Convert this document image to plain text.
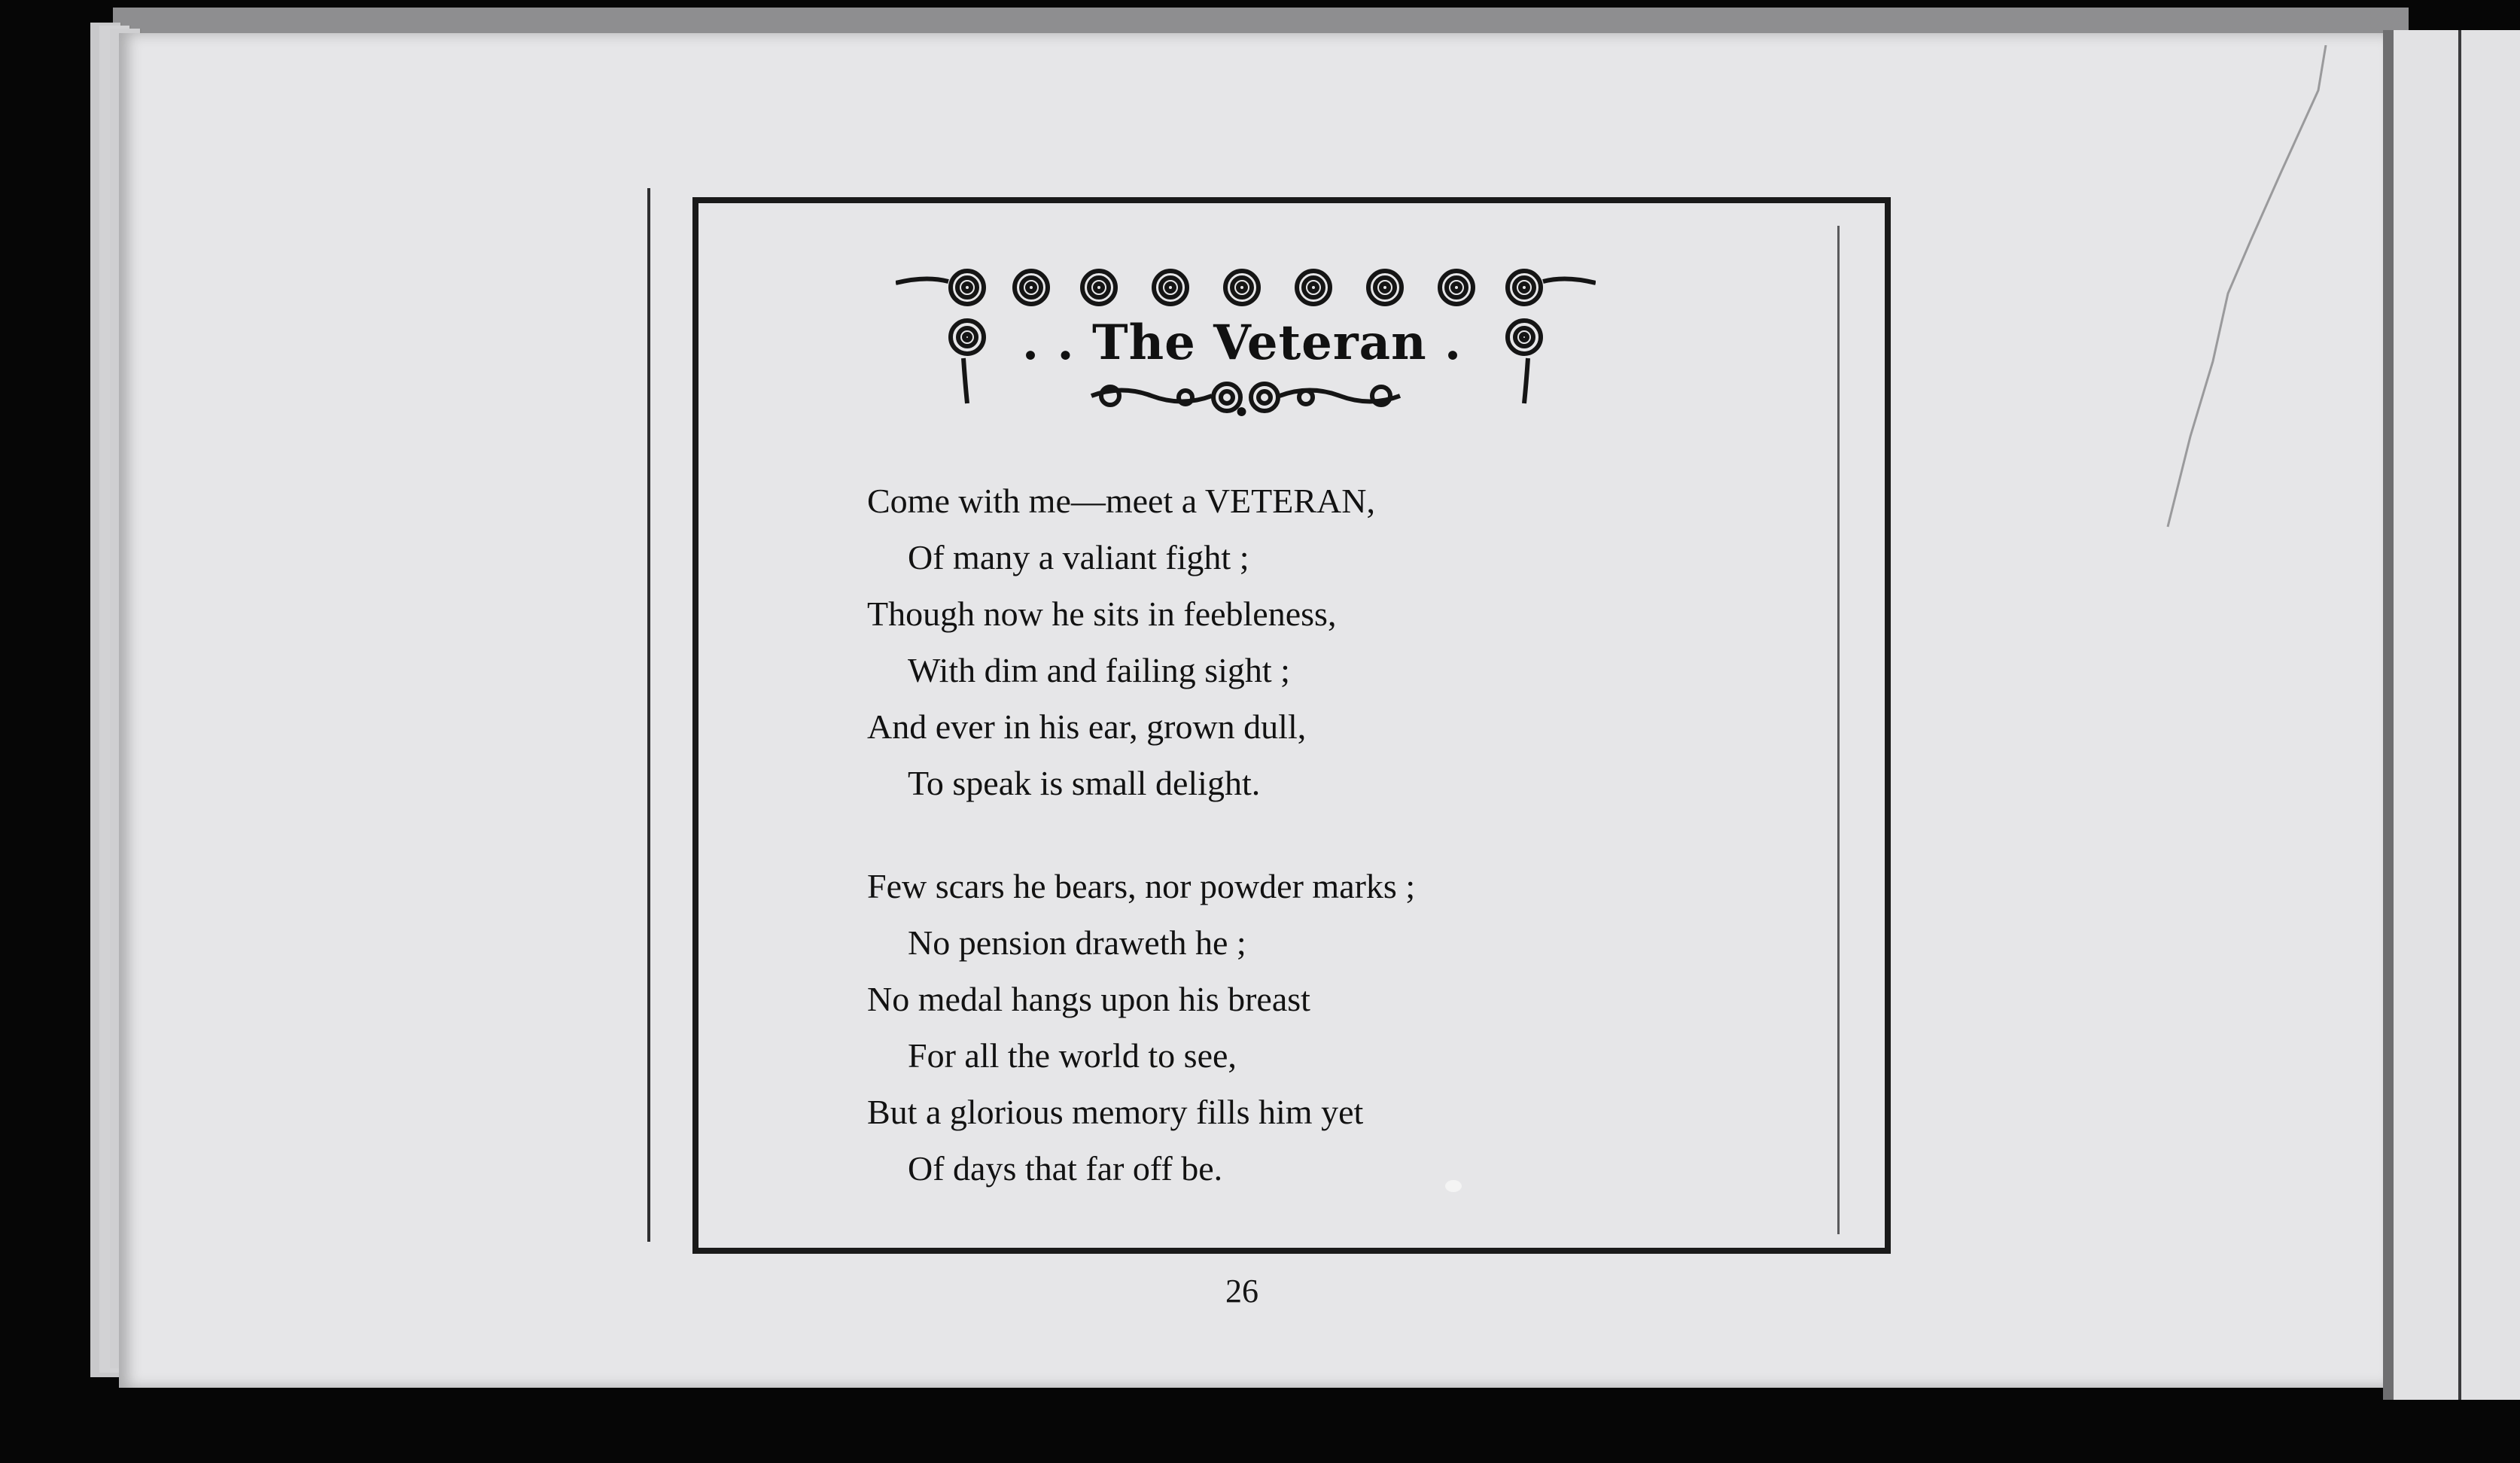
. . The Veteran . .
Come with me—meet a VETERAN,
Of many a valiant fight ;
Though now he sits in feebleness,
With dim and failing sight ;
And ever in his ear, grown dull,
To speak is small delight.
Few scars he bears, nor powder marks ;
No pension draweth he ;
No medal hangs upon his breast
For all the world to see,
But a glorious memory fills him yet
Of days that far off be.
26
